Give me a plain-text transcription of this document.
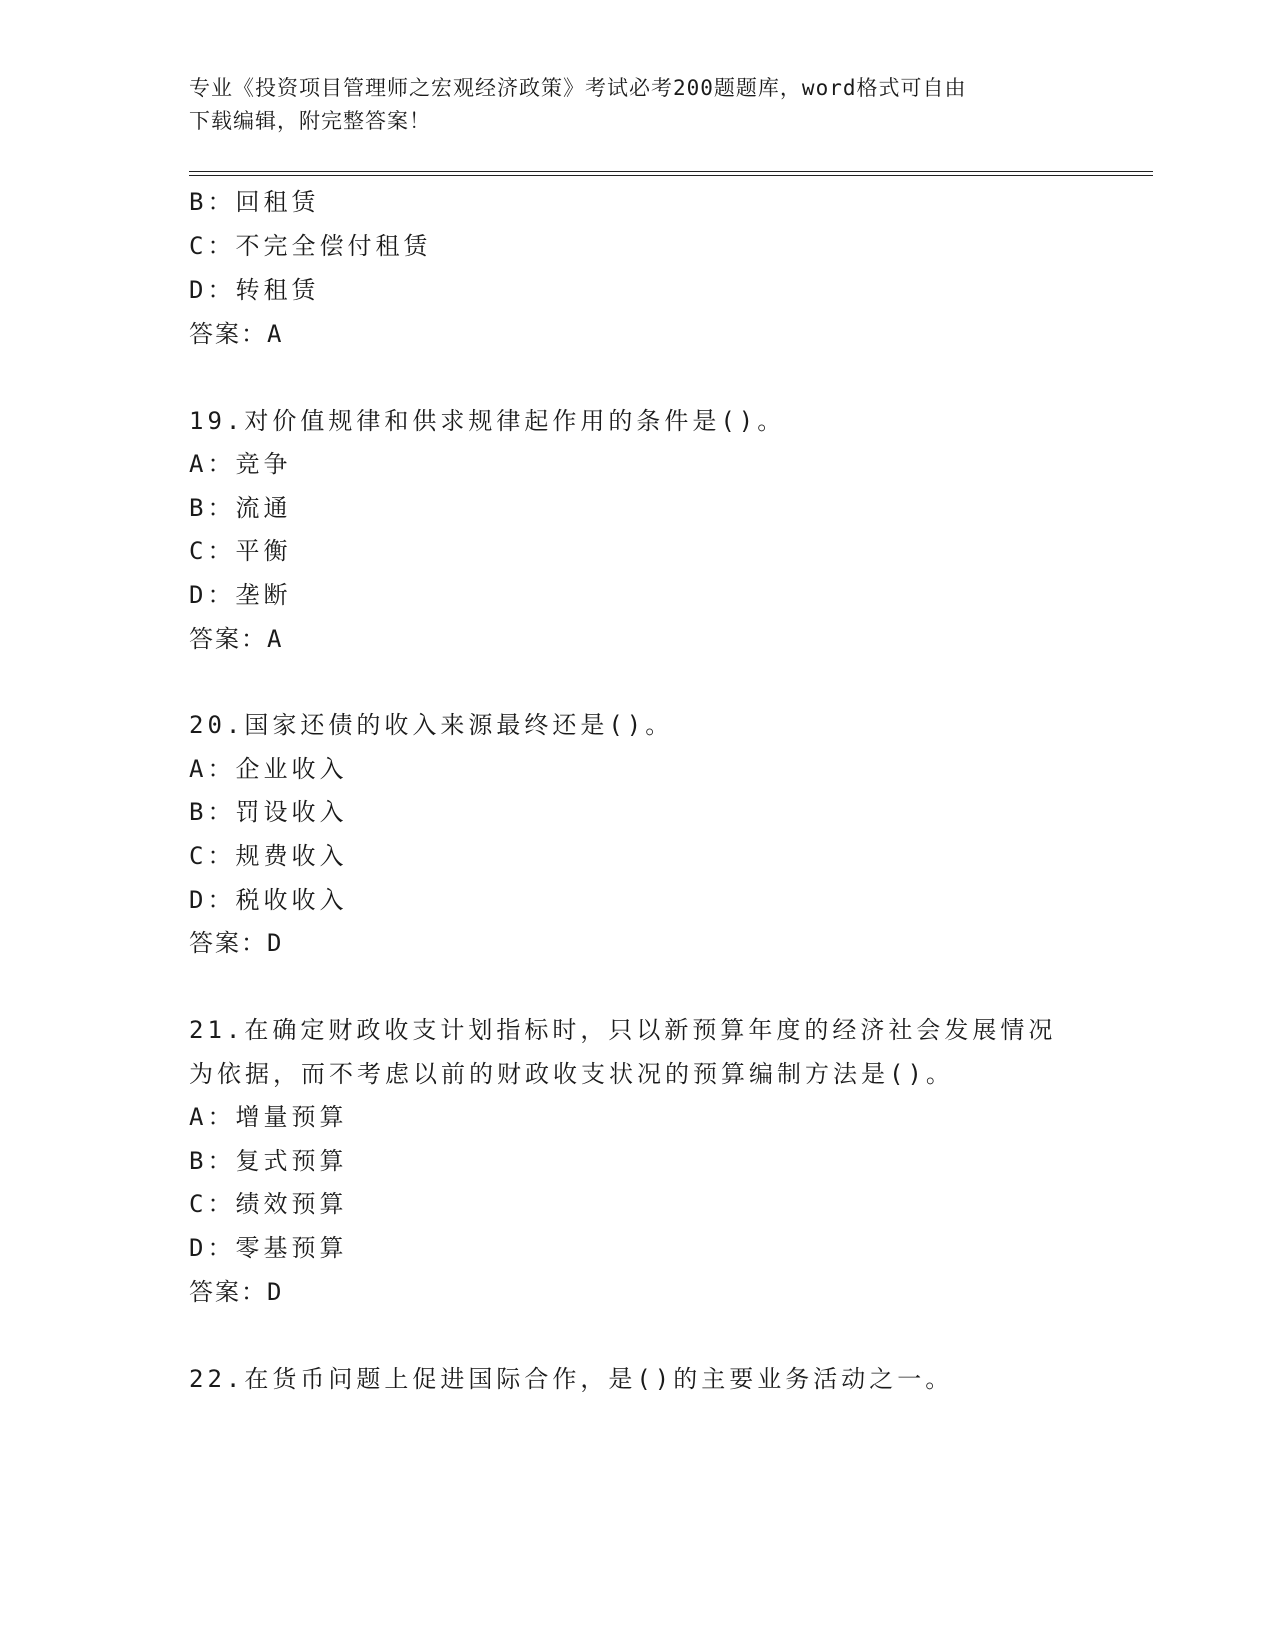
专业《投资项目管理师之宏观经济政策》考试必考200题题库，word格式可自由
下载编辑，附完整答案！
B：回租赁
C：不完全偿付租赁
D：转租赁
答案：A
19.对价值规律和供求规律起作用的条件是()。
A：竞争
B：流通
C：平衡
D：垄断
答案：A
20.国家还债的收入来源最终还是()。
A：企业收入
B：罚设收入
C：规费收入
D：税收收入
答案：D
21.在确定财政收支计划指标时，只以新预算年度的经济社会发展情况
为依据，而不考虑以前的财政收支状况的预算编制方法是()。
A：增量预算
B：复式预算
C：绩效预算
D：零基预算
答案：D
22.在货币问题上促进国际合作，是()的主要业务活动之一。
